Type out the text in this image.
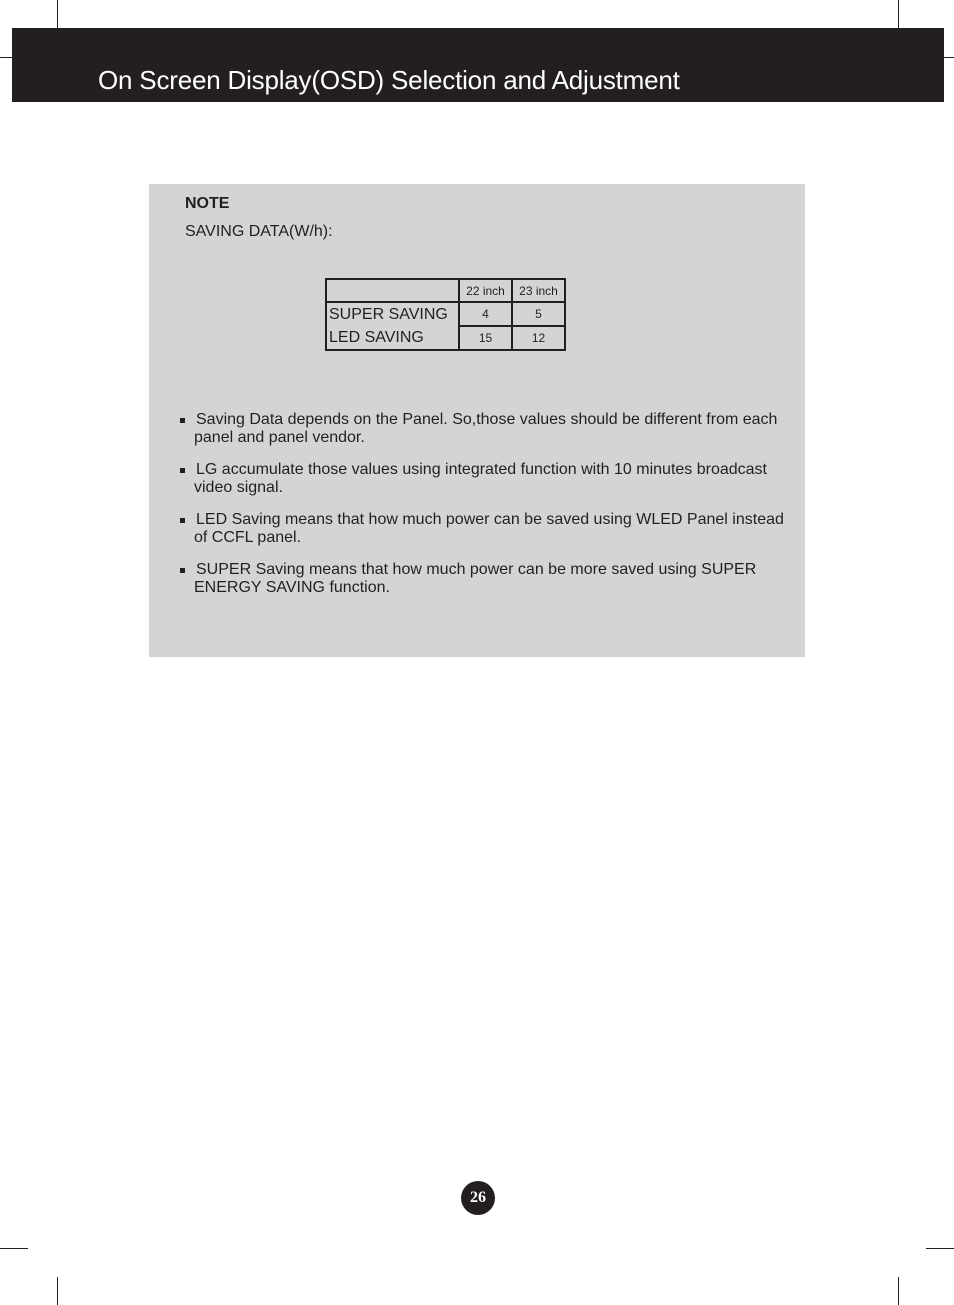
On Screen Display(OSD) Selection and Adjustment
NOTE
SAVING DATA(W/h):
	22 inch	23 inch
SUPER SAVING	4	5
LED SAVING	15	12
Saving Data depends on the Panel. So,those values should be different from each panel and panel vendor.
LG accumulate those values using integrated function with 10 minutes broadcast video signal.
LED Saving means that how much power can be saved using WLED Panel instead of CCFL panel.
SUPER Saving means that how much power can be more saved using SUPER ENERGY SAVING function.
26
